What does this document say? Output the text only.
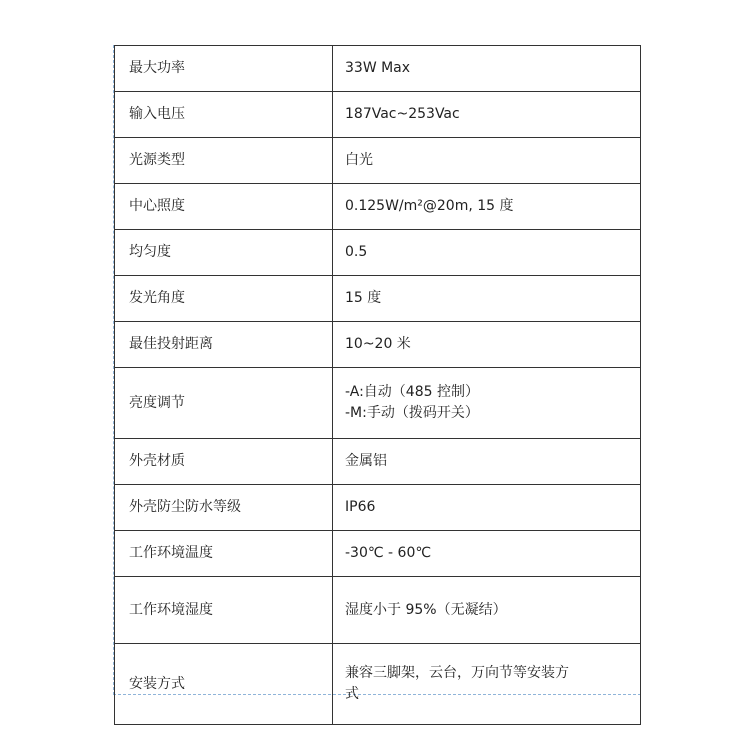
最大功率	33W Max

输入电压	187Vac~253Vac

光源类型	白光

中心照度	0.125W/m²@20m, 15 度

均匀度	0.5

发光角度	15 度

最佳投射距离	10~20 米

亮度调节	-A:自动（485 控制）
-M:手动（拨码开关）

外壳材质	金属铝

外壳防尘防水等级	IP66

工作环境温度	-30℃ - 60℃

工作环境湿度	湿度小于 95%（无凝结）

安装方式	兼容三脚架，云台，万向节等安装方
式
